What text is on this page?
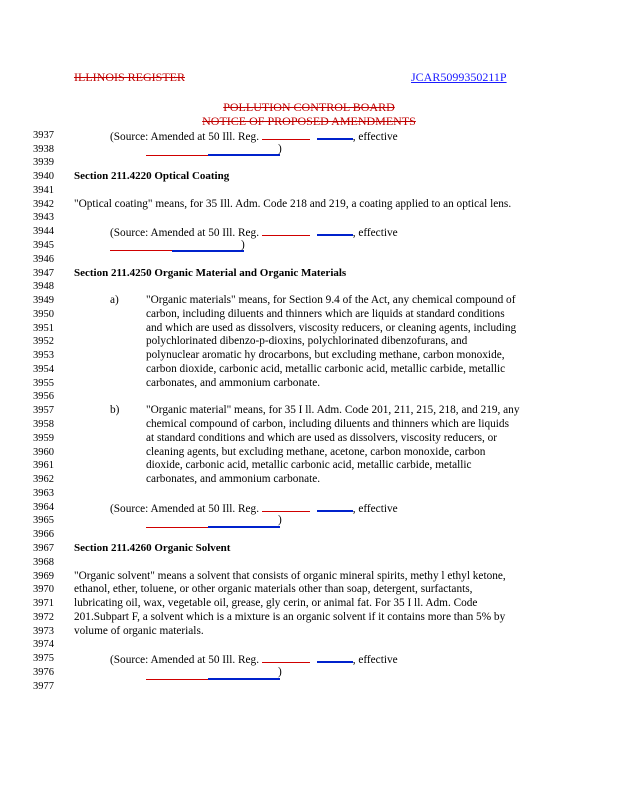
ILLINOIS REGISTER	JCAR5099350211P
POLLUTION CONTROL BOARD
NOTICE OF PROPOSED AMENDMENTS
3937
3938
3939
3940
3941
3942
3943
3944
3945
3946
3947
3948
3949
3950
3951
3952
3953
3954
3955
3956
3957
3958
3959
3960
3961
3962
3963
3964
3965
3966
3967
3968
3969
3970
3971
3972
3973
3974
3975
3976
3977
(Source: Amended at 50 Ill. Reg.	, effective
)
Section 211.4220 Optical Coating
"Optical coating" means, for 35 Ill. Adm. Code 218 and 219, a coating applied to an optical lens.
(Source: Amended at 50 Ill. Reg.	, effective
)
Section 211.4250 Organic Material and Organic Materials
a) "Organic materials" means, for Section 9.4 of the Act, any chemical compound of
carbon, including diluents and thinners which are liquids at standard conditions
and which are used as dissolvers, viscosity reducers, or cleaning agents, including
polychlorinated dibenzo-p-dioxins, polychlorinated dibenzofurans, and
polynuclear aromatic hy drocarbons, but excluding methane, carbon monoxide,
carbon dioxide, carbonic acid, metallic carbonic acid, metallic carbide, metallic
carbonates, and ammonium carbonate.
b) "Organic material" means, for 35 I ll. Adm. Code 201, 211, 215, 218, and 219, any
chemical compound of carbon, including diluents and thinners which are liquids
at standard conditions and which are used as dissolvers, viscosity reducers, or
cleaning agents, but excluding methane, acetone, carbon monoxide, carbon
dioxide, carbonic acid, metallic carbonic acid, metallic carbide, metallic
carbonates, and ammonium carbonate.
(Source: Amended at 50 Ill. Reg.	, effective
)
Section 211.4260 Organic Solvent
"Organic solvent" means a solvent that consists of organic mineral spirits, methy l ethyl ketone,
ethanol, ether, toluene, or other organic materials other than soap, detergent, surfactants,
lubricating oil, wax, vegetable oil, grease, gly cerin, or animal fat. For 35 I ll. Adm. Code
201.Subpart F, a solvent which is a mixture is an organic solvent if it contains more than 5% by
volume of organic materials.
(Source: Amended at 50 Ill. Reg.	, effective
)
